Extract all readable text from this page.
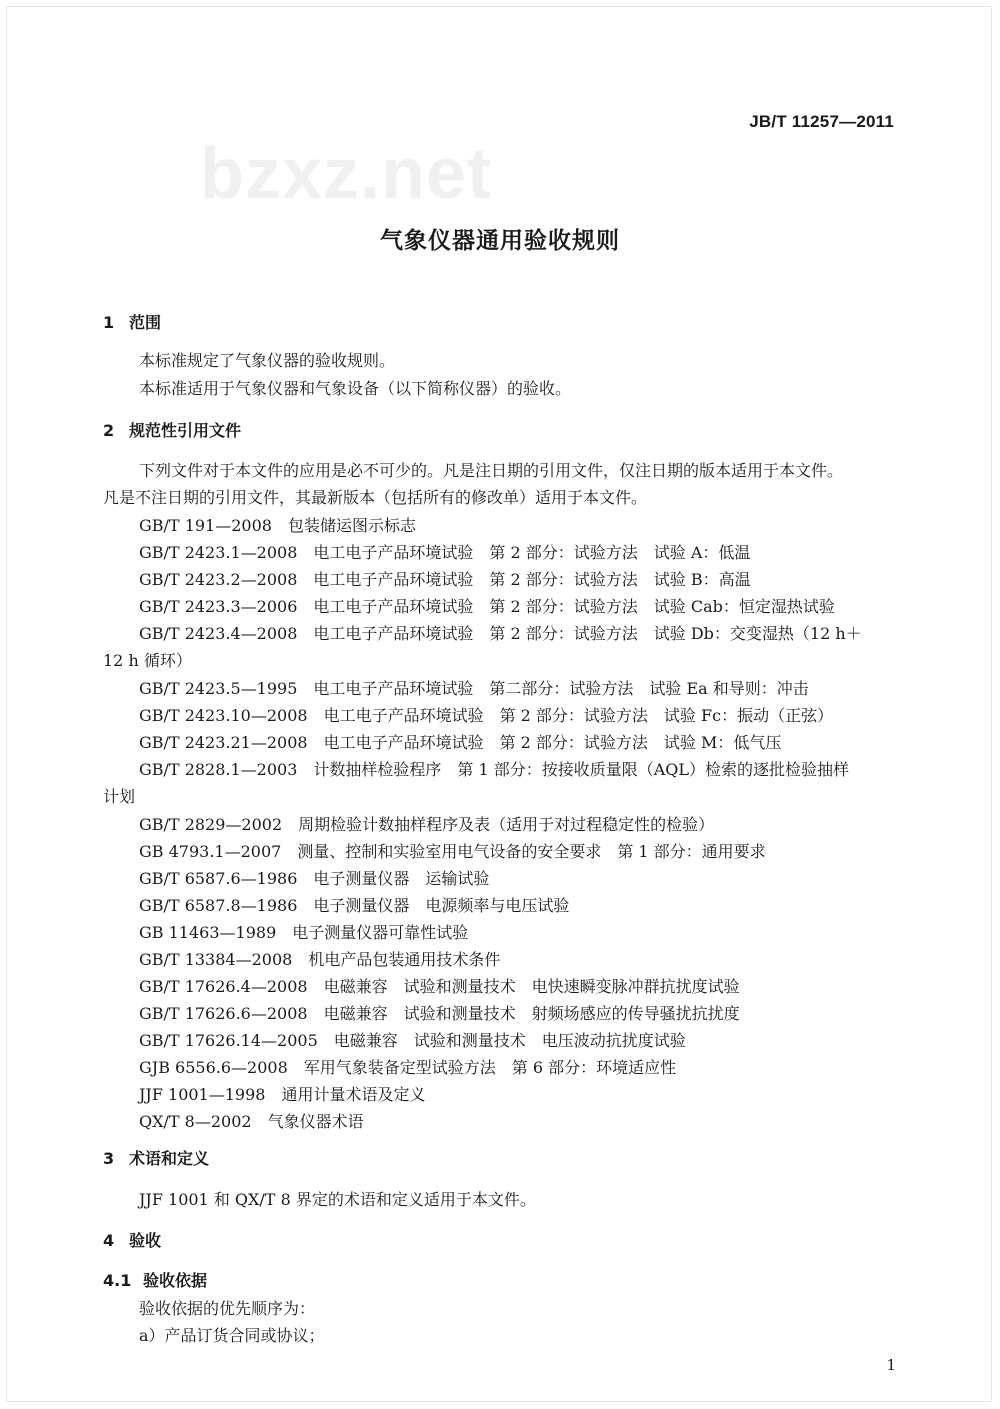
bzxz.net
JB/T 11257—2011
气象仪器通用验收规则
1 范围
本标准规定了气象仪器的验收规则。
本标准适用于气象仪器和气象设备（以下简称仪器）的验收。
2 规范性引用文件
下列文件对于本文件的应用是必不可少的。凡是注日期的引用文件，仅注日期的版本适用于本文件。
凡是不注日期的引用文件，其最新版本（包括所有的修改单）适用于本文件。
GB/T 191—2008 包装储运图示标志
GB/T 2423.1—2008 电工电子产品环境试验　第 2 部分：试验方法　试验 A：低温
GB/T 2423.2—2008 电工电子产品环境试验　第 2 部分：试验方法　试验 B：高温
GB/T 2423.3—2006 电工电子产品环境试验　第 2 部分：试验方法　试验 Cab：恒定湿热试验
GB/T 2423.4—2008 电工电子产品环境试验　第 2 部分：试验方法　试验 Db：交变湿热（12 h＋
12 h 循环）
GB/T 2423.5—1995 电工电子产品环境试验　第二部分：试验方法　试验 Ea 和导则：冲击
GB/T 2423.10—2008 电工电子产品环境试验　第 2 部分：试验方法　试验 Fc：振动（正弦）
GB/T 2423.21—2008 电工电子产品环境试验　第 2 部分：试验方法　试验 M：低气压
GB/T 2828.1—2003 计数抽样检验程序　第 1 部分：按接收质量限（AQL）检索的逐批检验抽样
计划
GB/T 2829—2002 周期检验计数抽样程序及表（适用于对过程稳定性的检验）
GB 4793.1—2007 测量、控制和实验室用电气设备的安全要求　第 1 部分：通用要求
GB/T 6587.6—1986 电子测量仪器　运输试验
GB/T 6587.8—1986 电子测量仪器　电源频率与电压试验
GB 11463—1989 电子测量仪器可靠性试验
GB/T 13384—2008 机电产品包装通用技术条件
GB/T 17626.4—2008 电磁兼容　试验和测量技术　电快速瞬变脉冲群抗扰度试验
GB/T 17626.6—2008 电磁兼容　试验和测量技术　射频场感应的传导骚扰抗扰度
GB/T 17626.14—2005 电磁兼容　试验和测量技术　电压波动抗扰度试验
GJB 6556.6—2008 军用气象装备定型试验方法　第 6 部分：环境适应性
JJF 1001—1998 通用计量术语及定义
QX/T 8—2002 气象仪器术语
3 术语和定义
JJF 1001 和 QX/T 8 界定的术语和定义适用于本文件。
4 验收
4.1 验收依据
验收依据的优先顺序为：
a）产品订货合同或协议；
1
